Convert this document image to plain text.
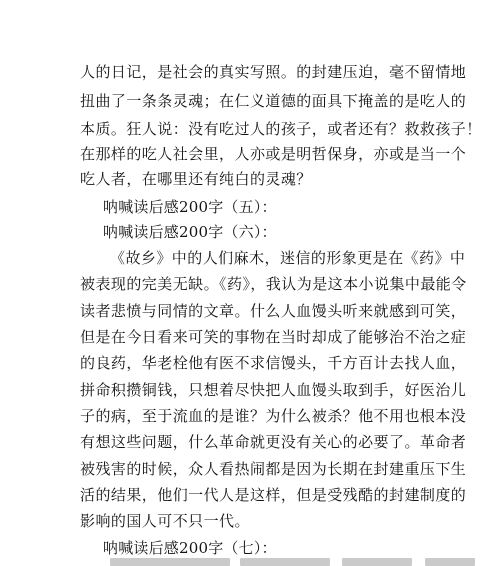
人的日记，是社会的真实写照。的封建压迫，毫不留情地
扭曲了一条条灵魂；在仁义道德的面具下掩盖的是吃人的
本质。狂人说：没有吃过人的孩子，或者还有？救救孩子！
在那样的吃人社会里，人亦或是明哲保身，亦或是当一个
吃人者，在哪里还有纯白的灵魂？
呐喊读后感200字（五）：
呐喊读后感200字（六）：
《故乡》中的人们麻木，迷信的形象更是在《药》中
被表现的完美无缺。《药》，我认为是这本小说集中最能令
读者悲愤与同情的文章。什么人血馒头听来就感到可笑，
但是在今日看来可笑的事物在当时却成了能够治不治之症
的良药，华老栓他有医不求信馒头，千方百计去找人血，
拼命积攒铜钱，只想着尽快把人血馒头取到手，好医治儿
子的病，至于流血的是谁？为什么被杀？他不用也根本没
有想这些问题，什么革命就更没有关心的必要了。革命者
被残害的时候，众人看热闹都是因为长期在封建重压下生
活的结果，他们一代人是这样，但是受残酷的封建制度的
影响的国人可不只一代。
呐喊读后感200字（七）：
